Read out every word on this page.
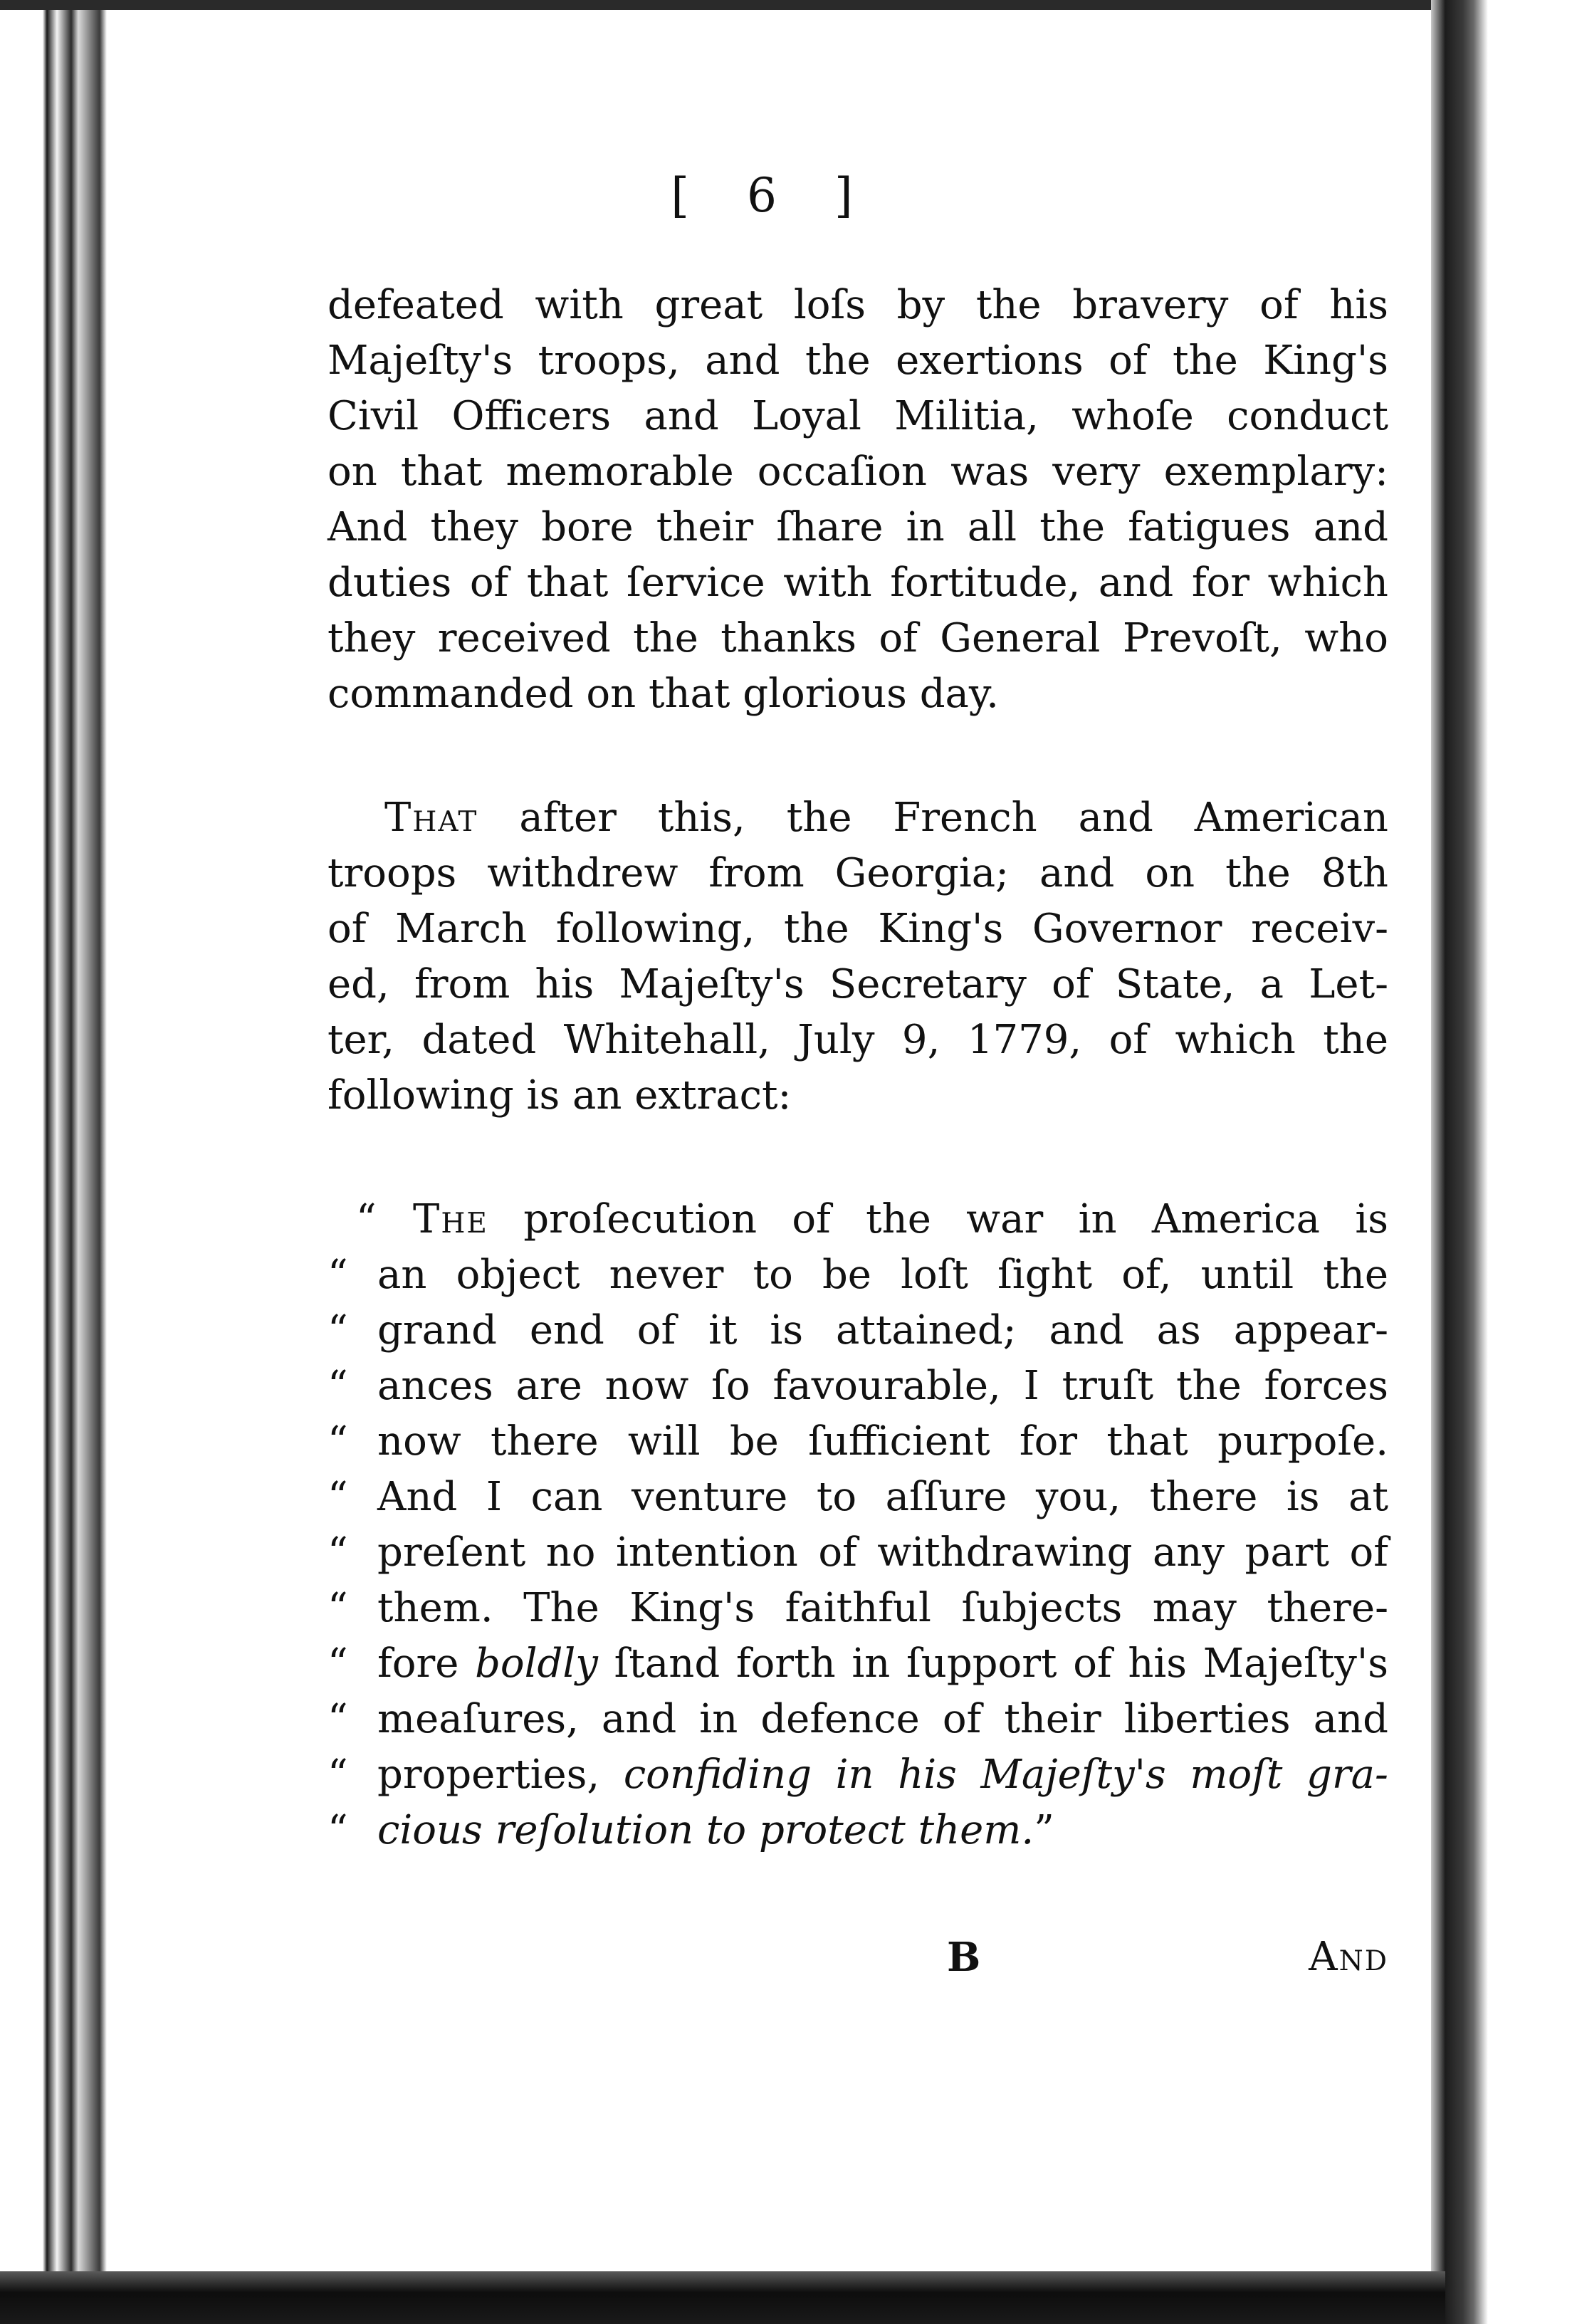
[ 6 ]
defeated with great loſs by the bravery of his
Majeſty's troops, and the exertions of the King's
Civil Officers and Loyal Militia, whoſe conduct
on that memorable occaſion was very exemplary:
And they bore their ſhare in all the fatigues and
duties of that ſervice with fortitude, and for which
they received the thanks of General Prevoſt, who
commanded on that glorious day.
That after this, the French and American
troops withdrew from Georgia; and on the 8th
of March following, the King's Governor receiv-
ed, from his Majeſty's Secretary of State, a Let-
ter, dated Whitehall, July 9, 1779, of which the
following is an extract:
“ The proſecution of the war in America is
“ an object never to be loſt ſight of, until the
“ grand end of it is attained; and as appear-
“ ances are now ſo favourable, I truſt the forces
“ now there will be ſufficient for that purpoſe.
“ And I can venture to aſſure you, there is at
“ preſent no intention of withdrawing any part of
“ them. The King's faithful ſubjects may there-
“ fore boldly ſtand forth in ſupport of his Majeſty's
“ meaſures, and in defence of their liberties and
“ properties, confiding in his Majeſty's moſt gra-
“ cious reſolution to protect them.”
B	And
